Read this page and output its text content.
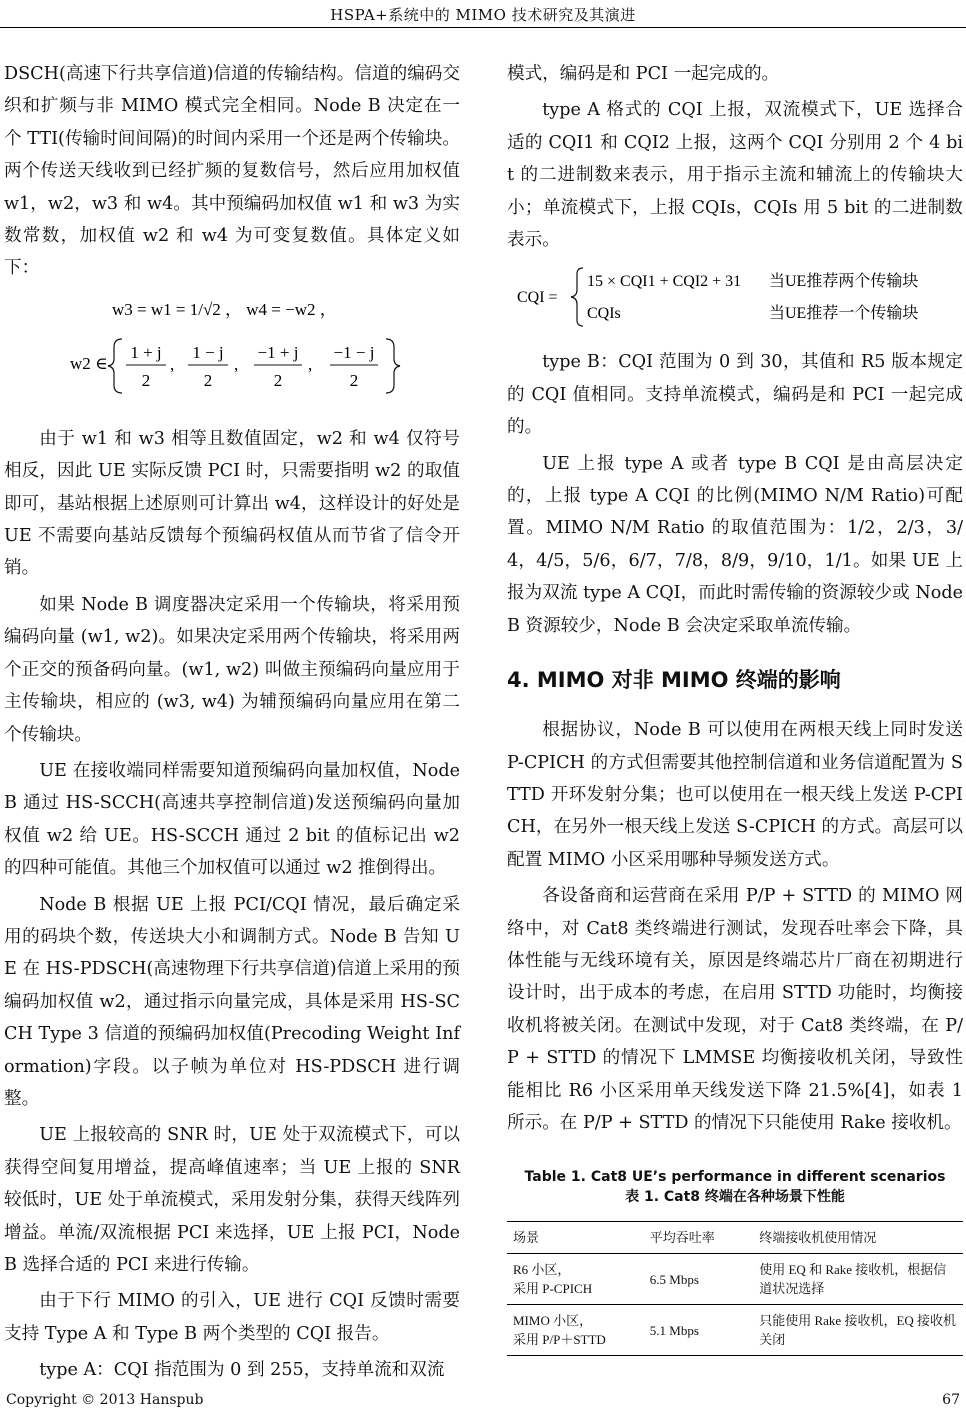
HSPA+系统中的 MIMO 技术研究及其演进

DSCH(高速下行共享信道)信道的传输结构。信道的编码交织和扩频与非 MIMO 模式完全相同。Node B 决定在一个 TTI(传输时间间隔)的时间内采用一个还是两个传输块。两个传送天线收到已经扩频的复数信号，然后应用加权值 w1，w2，w3 和 w4。其中预编码加权值 w1 和 w3 为实数常数，加权值 w2 和 w4 为可变复数值。具体定义如下：

w3 = w1 = 1/√2 ， w4 = −w2 ，
w2 ∈
1 + j
2
,
1 − j
2
,
−1 + j
2
,
−1 − j
2

由于 w1 和 w3 相等且数值固定，w2 和 w4 仅符号相反，因此 UE 实际反馈 PCI 时，只需要指明 w2 的取值即可，基站根据上述原则可计算出 w4，这样设计的好处是 UE 不需要向基站反馈每个预编码权值从而节省了信令开销。

如果 Node B 调度器决定采用一个传输块，将采用预编码向量 (w1, w2)。如果决定采用两个传输块，将采用两个正交的预备码向量。(w1, w2) 叫做主预编码向量应用于主传输块，相应的 (w3, w4) 为辅预编码向量应用在第二个传输块。

UE 在接收端同样需要知道预编码向量加权值，Node B 通过 HS-SCCH(高速共享控制信道)发送预编码向量加权值 w2 给 UE。HS-SCCH 通过 2 bit 的值标记出 w2 的四种可能值。其他三个加权值可以通过 w2 推倒得出。

Node B 根据 UE 上报 PCI/CQI 情况，最后确定采用的码块个数，传送块大小和调制方式。Node B 告知 UE 在 HS-PDSCH(高速物理下行共享信道)信道上采用的预编码加权值 w2，通过指示向量完成，具体是采用 HS-SCCH Type 3 信道的预编码加权值(Precoding Weight Information)字段。以子帧为单位对 HS-PDSCH 进行调整。

UE 上报较高的 SNR 时，UE 处于双流模式下，可以获得空间复用增益，提高峰值速率；当 UE 上报的 SNR 较低时，UE 处于单流模式，采用发射分集，获得天线阵列增益。单流/双流根据 PCI 来选择，UE 上报 PCI，Node B 选择合适的 PCI 来进行传输。

由于下行 MIMO 的引入，UE 进行 CQI 反馈时需要支持 Type A 和 Type B 两个类型的 CQI 报告。

type A：CQI 指范围为 0 到 255，支持单流和双流

模式，编码是和 PCI 一起完成的。

type A 格式的 CQI 上报，双流模式下，UE 选择合适的 CQI1 和 CQI2 上报，这两个 CQI 分别用 2 个 4 bit 的二进制数来表示，用于指示主流和辅流上的传输块大小；单流模式下，上报 CQIs，CQIs 用 5 bit 的二进制数表示。

CQI =
15 × CQI1 + CQI2 + 31 当UE推荐两个传输块
CQIs	当UE推荐一个传输块

type B：CQI 范围为 0 到 30，其值和 R5 版本规定的 CQI 值相同。支持单流模式，编码是和 PCI 一起完成的。

UE 上报 type A 或者 type B CQI 是由高层决定的，上报 type A CQI 的比例(MIMO N/M Ratio)可配置。MIMO N/M Ratio 的取值范围为：1/2，2/3，3/4，4/5，5/6，6/7，7/8，8/9，9/10，1/1。如果 UE 上报为双流 type A CQI，而此时需传输的资源较少或 Node B 资源较少，Node B 会决定采取单流传输。

4. MIMO 对非 MIMO 终端的影响

根据协议，Node B 可以使用在两根天线上同时发送 P-CPICH 的方式但需要其他控制信道和业务信道配置为 STTD 开环发射分集；也可以使用在一根天线上发送 P-CPICH，在另外一根天线上发送 S-CPICH 的方式。高层可以配置 MIMO 小区采用哪种导频发送方式。

各设备商和运营商在采用 P/P + STTD 的 MIMO 网络中，对 Cat8 类终端进行测试，发现吞吐率会下降，具体性能与无线环境有关，原因是终端芯片厂商在初期进行设计时，出于成本的考虑，在启用 STTD 功能时，均衡接收机将被关闭。在测试中发现，对于 Cat8 类终端，在 P/P + STTD 的情况下 LMMSE 均衡接收机关闭，导致性能相比 R6 小区采用单天线发送下降 21.5%[4]，如表 1 所示。在 P/P + STTD 的情况下只能使用 Rake 接收机。

Table 1. Cat8 UE’s performance in different scenarios
表 1. Cat8 终端在各种场景下性能
场景	平均吞吐率	终端接收机使用情况

R6 小区，
采用 P-CPICH	6.5 Mbps	使用 EQ 和 Rake 接收机，根据信道状况选择

MIMO 小区，
采用 P/P＋STTD	5.1 Mbps	只能使用 Rake 接收机，EQ 接收机关闭
Copyright © 2013 Hanspub	67
